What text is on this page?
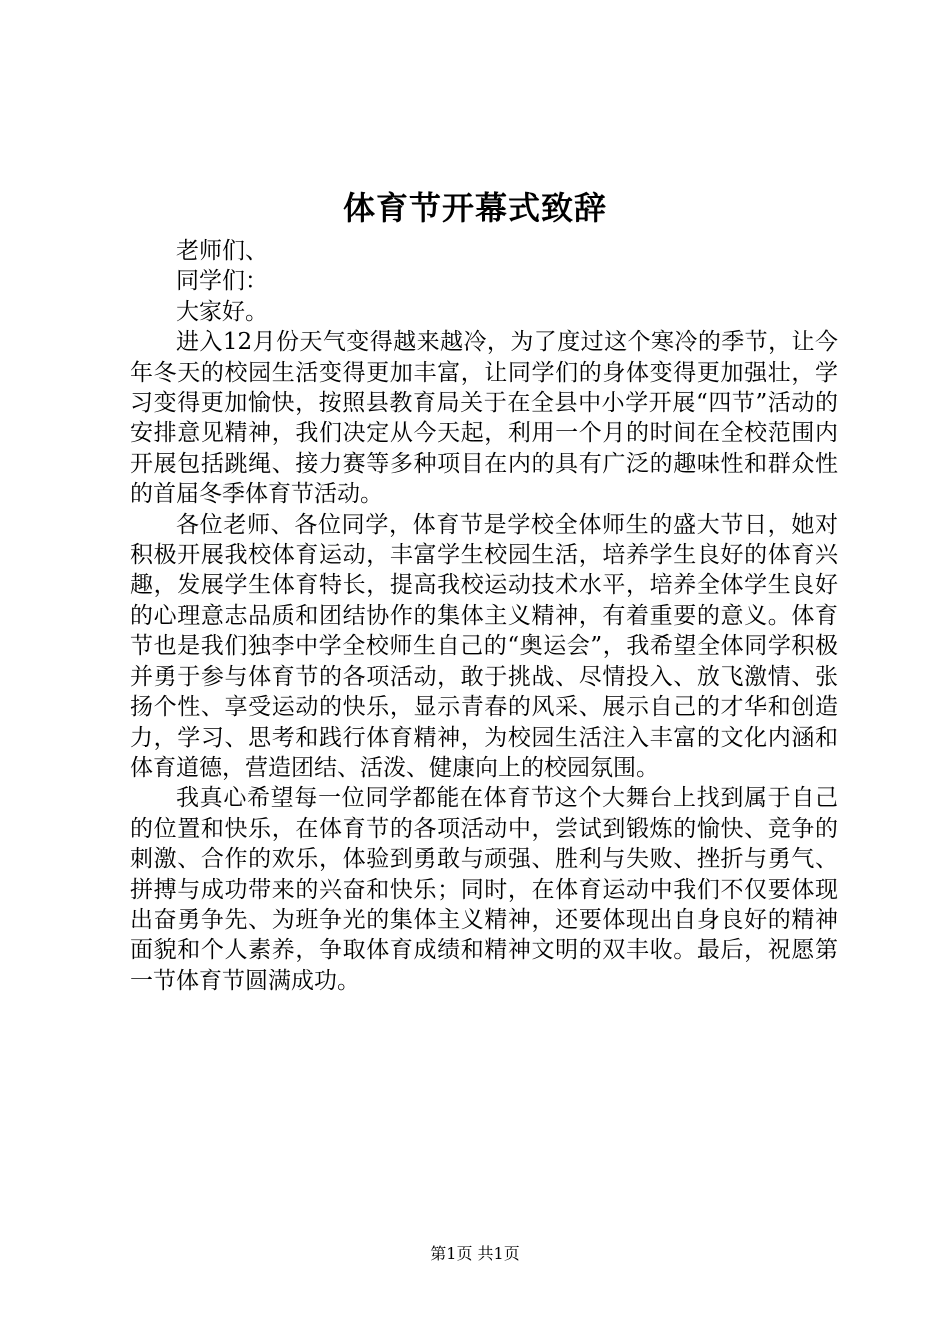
体育节开幕式致辞

老师们、

同学们：

大家好。

进入12月份天气变得越来越冷，为了度过这个寒冷的季节，让今年冬天的校园生活变得更加丰富，让同学们的身体变得更加强壮，学习变得更加愉快，按照县教育局关于在全县中小学开展“四节”活动的安排意见精神，我们决定从今天起，利用一个月的时间在全校范围内开展包括跳绳、接力赛等多种项目在内的具有广泛的趣味性和群众性的首届冬季体育节活动。

各位老师、各位同学，体育节是学校全体师生的盛大节日，她对积极开展我校体育运动，丰富学生校园生活，培养学生良好的体育兴趣，发展学生体育特长，提高我校运动技术水平，培养全体学生良好的心理意志品质和团结协作的集体主义精神，有着重要的意义。体育节也是我们独李中学全校师生自己的“奥运会”，我希望全体同学积极并勇于参与体育节的各项活动，敢于挑战、尽情投入、放飞激情、张扬个性、享受运动的快乐，显示青春的风采、展示自己的才华和创造力，学习、思考和践行体育精神，为校园生活注入丰富的文化内涵和体育道德，营造团结、活泼、健康向上的校园氛围。

我真心希望每一位同学都能在体育节这个大舞台上找到属于自己的位置和快乐，在体育节的各项活动中，尝试到锻炼的愉快、竞争的刺激、合作的欢乐，体验到勇敢与顽强、胜利与失败、挫折与勇气、拼搏与成功带来的兴奋和快乐；同时，在体育运动中我们不仅要体现出奋勇争先、为班争光的集体主义精神，还要体现出自身良好的精神面貌和个人素养，争取体育成绩和精神文明的双丰收。最后，祝愿第一节体育节圆满成功。

第1页 共1页
